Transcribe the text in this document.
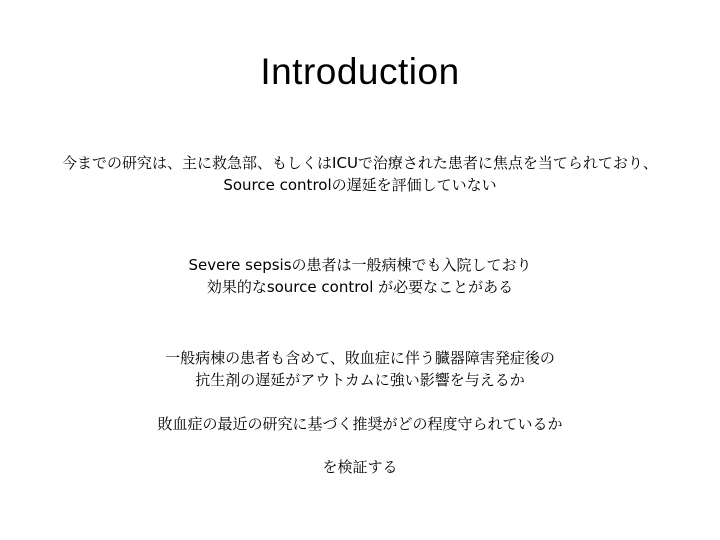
Introduction
今までの研究は、主に救急部、もしくはICUで治療された患者に焦点を当てられており、
Source controlの遅延を評価していない
Severe sepsisの患者は一般病棟でも入院しており
効果的なsource control が必要なことがある
一般病棟の患者も含めて、敗血症に伴う臓器障害発症後の
抗生剤の遅延がアウトカムに強い影響を与えるか
敗血症の最近の研究に基づく推奨がどの程度守られているか
を検証する
